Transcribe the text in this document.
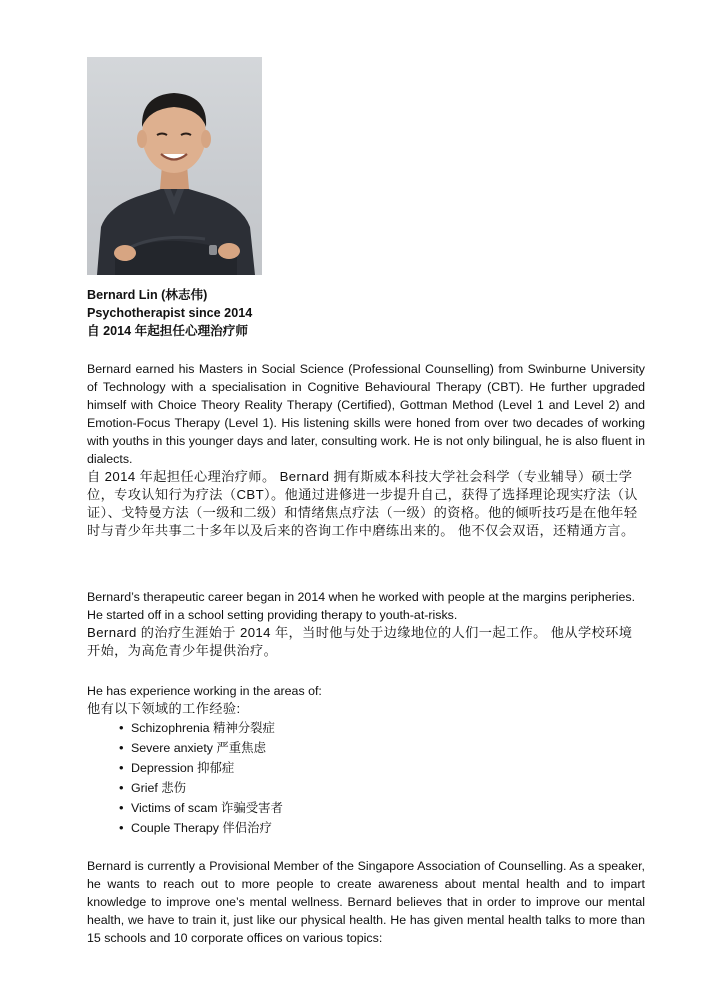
Bernard Lin (林志伟)
Psychotherapist since 2014
自 2014 年起担任心理治疗师
Bernard earned his Masters in Social Science (Professional Counselling) from Swinburne University of Technology with a specialisation in Cognitive Behavioural Therapy (CBT). He further upgraded himself with Choice Theory Reality Therapy (Certified), Gottman Method (Level 1 and Level 2) and Emotion-Focus Therapy (Level 1). His listening skills were honed from over two decades of working with youths in this younger days and later, consulting work. He is not only bilingual, he is also fluent in dialects.
自 2014 年起担任心理治疗师。 Bernard 拥有斯威本科技大学社会科学（专业辅导）硕士学位，专攻认知行为疗法（CBT）。他通过进修进一步提升自己，获得了选择理论现实疗法（认证）、戈特曼方法（一级和二级）和情绪焦点疗法（一级）的资格。他的倾听技巧是在他年轻时与青少年共事二十多年以及后来的咨询工作中磨练出来的。 他不仅会双语，还精通方言。
Bernard’s therapeutic career began in 2014 when he worked with people at the margins peripheries. He started off in a school setting providing therapy to youth-at-risks.
Bernard 的治疗生涯始于 2014 年，当时他与处于边缘地位的人们一起工作。 他从学校环境开始，为高危青少年提供治疗。
He has experience working in the areas of:
他有以下领域的工作经验:
• Schizophrenia 精神分裂症
• Severe anxiety 严重焦虑
• Depression 抑郁症
• Grief 悲伤
• Victims of scam 诈骗受害者
• Couple Therapy 伴侣治疗
Bernard is currently a Provisional Member of the Singapore Association of Counselling. As a speaker, he wants to reach out to more people to create awareness about mental health and to impart knowledge to improve one’s mental wellness. Bernard believes that in order to improve our mental health, we have to train it, just like our physical health. He has given mental health talks to more than 15 schools and 10 corporate offices on various topics:
